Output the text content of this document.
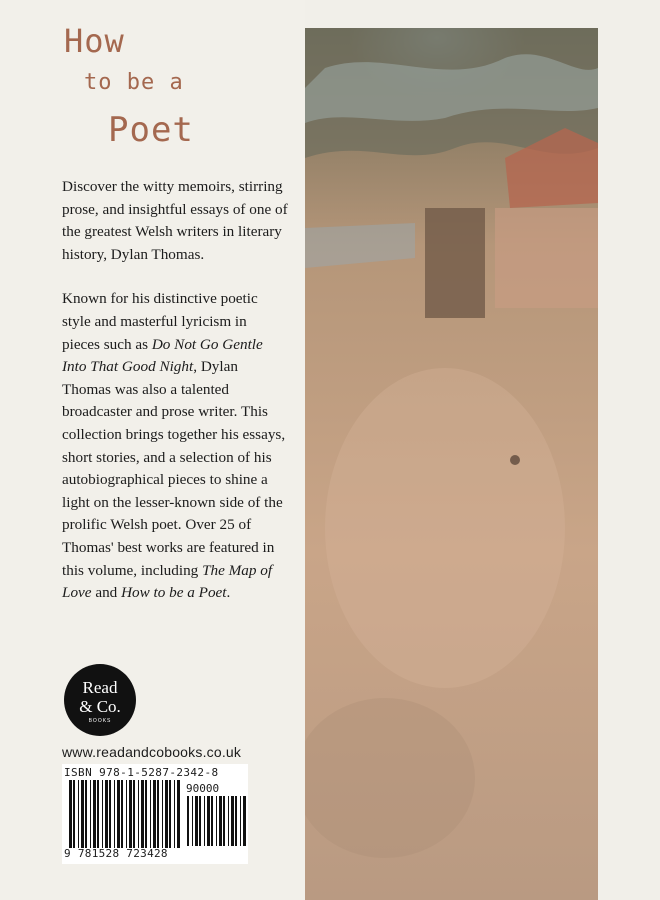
How
to be a
Poet

Discover the witty memoirs, stirring prose, and insightful essays of one of the greatest Welsh writers in literary history, Dylan Thomas.

Known for his distinctive poetic style and masterful lyricism in pieces such as Do Not Go Gentle Into That Good Night, Dylan Thomas was also a talented broadcaster and prose writer. This collection brings together his essays, short stories, and a selection of his autobiographical pieces to shine a light on the lesser-known side of the prolific Welsh poet. Over 25 of Thomas' best works are featured in this volume, including The Map of Love and How to be a Poet.

Read
& Co.
BOOKS
www.readandcobooks.co.uk
ISBN 978-1-5287-2342-8
90000
9 781528 723428
